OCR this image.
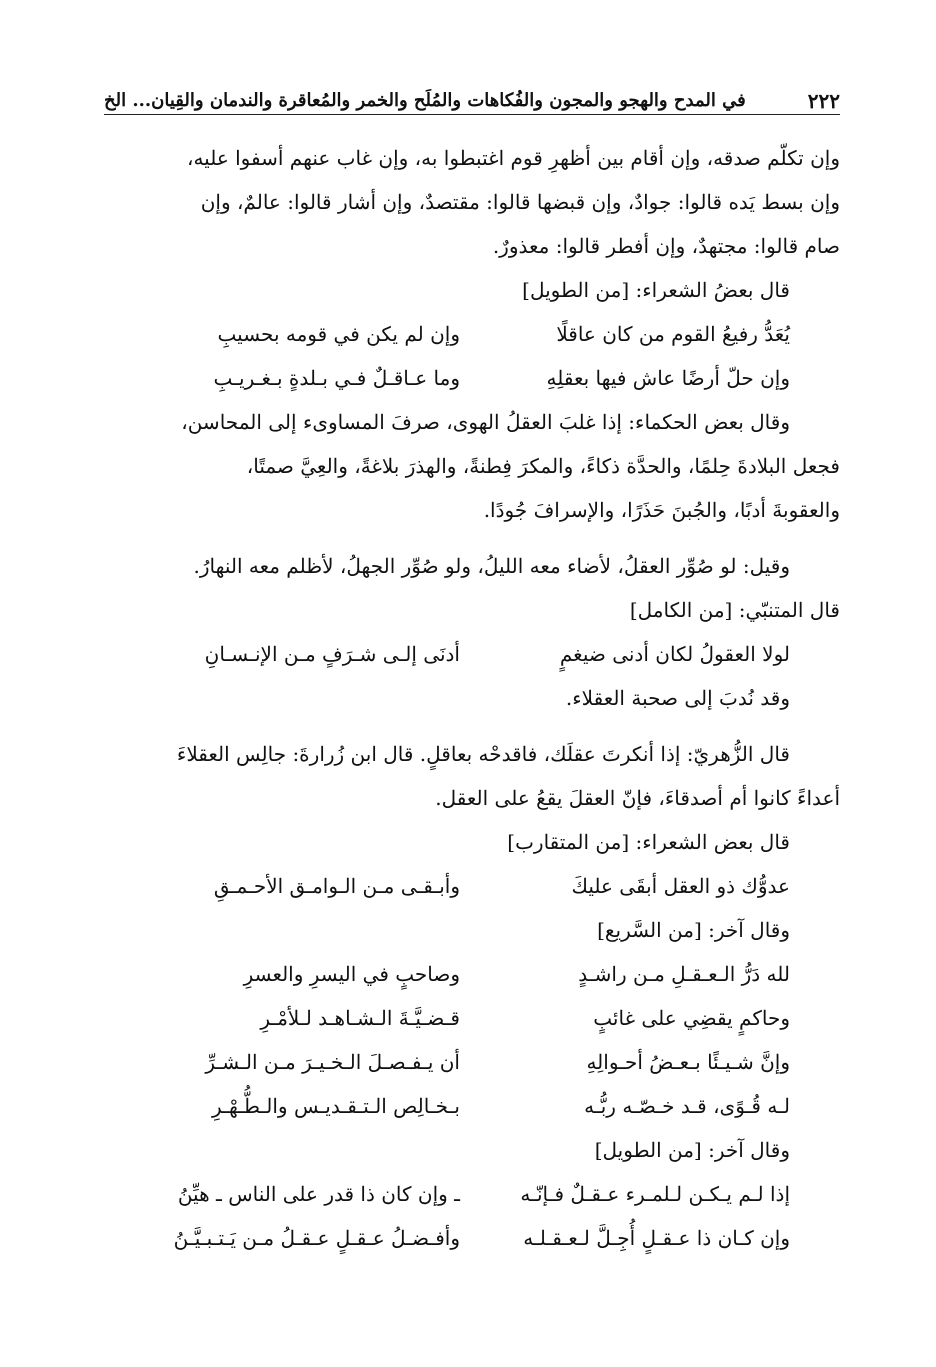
٢٢٢
في المدح والهجو والمجون والفُكاهات والمُلَح والخمر والمُعاقرة والندمان والقِيان... الخ
وإن تكلّم صدقه، وإن أقام بين أظهرِ قوم اغتبطوا به، وإن غاب عنهم أسفوا عليه،
وإن بسط يَده قالوا: جوادٌ، وإن قبضها قالوا: مقتصدٌ، وإن أشار قالوا: عالمٌ، وإن
صام قالوا: مجتهدٌ، وإن أفطر قالوا: معذورٌ.
قال بعضُ الشعراء: [من الطويل]
يُعَدُّ رفيعُ القوم من كان عاقلًا
وإن لم يكن في قومه بحسيبِ
وإن حلّ أرضًا عاش فيها بعقلِهِ
وما عـاقـلٌ فـي بـلدةٍ بـغـريـبِ
وقال بعض الحكماء: إذا غلبَ العقلُ الهوى، صرفَ المساوىء إلى المحاسن،
فجعل البلادةَ حِلمًا، والحدَّة ذكاءً، والمكرَ فِطنةً، والهذرَ بلاغةً، والعِيَّ صمتًا،
والعقوبةَ أدبًا، والجُبنَ حَذَرًا، والإسرافَ جُودًا.
وقيل: لو صُوِّر العقلُ، لأضاء معه الليلُ، ولو صُوِّر الجهلُ، لأظلم معه النهارُ.
قال المتنبّي: [من الكامل]
لولا العقولُ لكان أدنى ضيغمٍ
أدنَى إلـى شـرَفٍ مـن الإنـسـانِ
وقد نُدبَ إلى صحبة العقلاء.
قال الزُّهريّ: إذا أنكرتَ عقلَك، فاقدحْه بعاقلٍ. قال ابن زُرارةَ: جالِس العقلاءَ
أعداءً كانوا أم أصدقاءَ، فإنّ العقلَ يقعُ على العقل.
قال بعض الشعراء: [من المتقارب]
عدوُّك ذو العقل أبقَى عليكَ
وأبـقـى مـن الـوامـق الأحـمـقِ
وقال آخر: [من السَّريع]
لله دَرُّ الـعـقـلِ مـن راشـدٍ
وصاحبٍ في اليسرِ والعسرِ
وحاكمٍ يقضِي على غائبٍ
قـضـيَّـةَ الـشـاهـد لـلأمْـرِ
وإنَّ شـيـئًا بـعـضُ أحـوالِهِ
أن يـفـصـلَ الـخـيـرَ مـن الـشـرِّ
لـه قُـوًى، قـد خـصّـه ربُّـه
بـخـالِص الـتـقـديـس والـطُّـهْـرِ
وقال آخر: [من الطويل]
إذا لـم يـكـن لـلمـرء عـقـلٌ فـإنّـه
ـ وإن كان ذا قدر على الناس ـ هيِّنُ
وإن كـان ذا عـقـلٍ أُجِـلَّ لـعـقـلـه
وأفـضـلُ عـقـلٍ عـقـلُ مـن يَـتـبـيَّـنُ
